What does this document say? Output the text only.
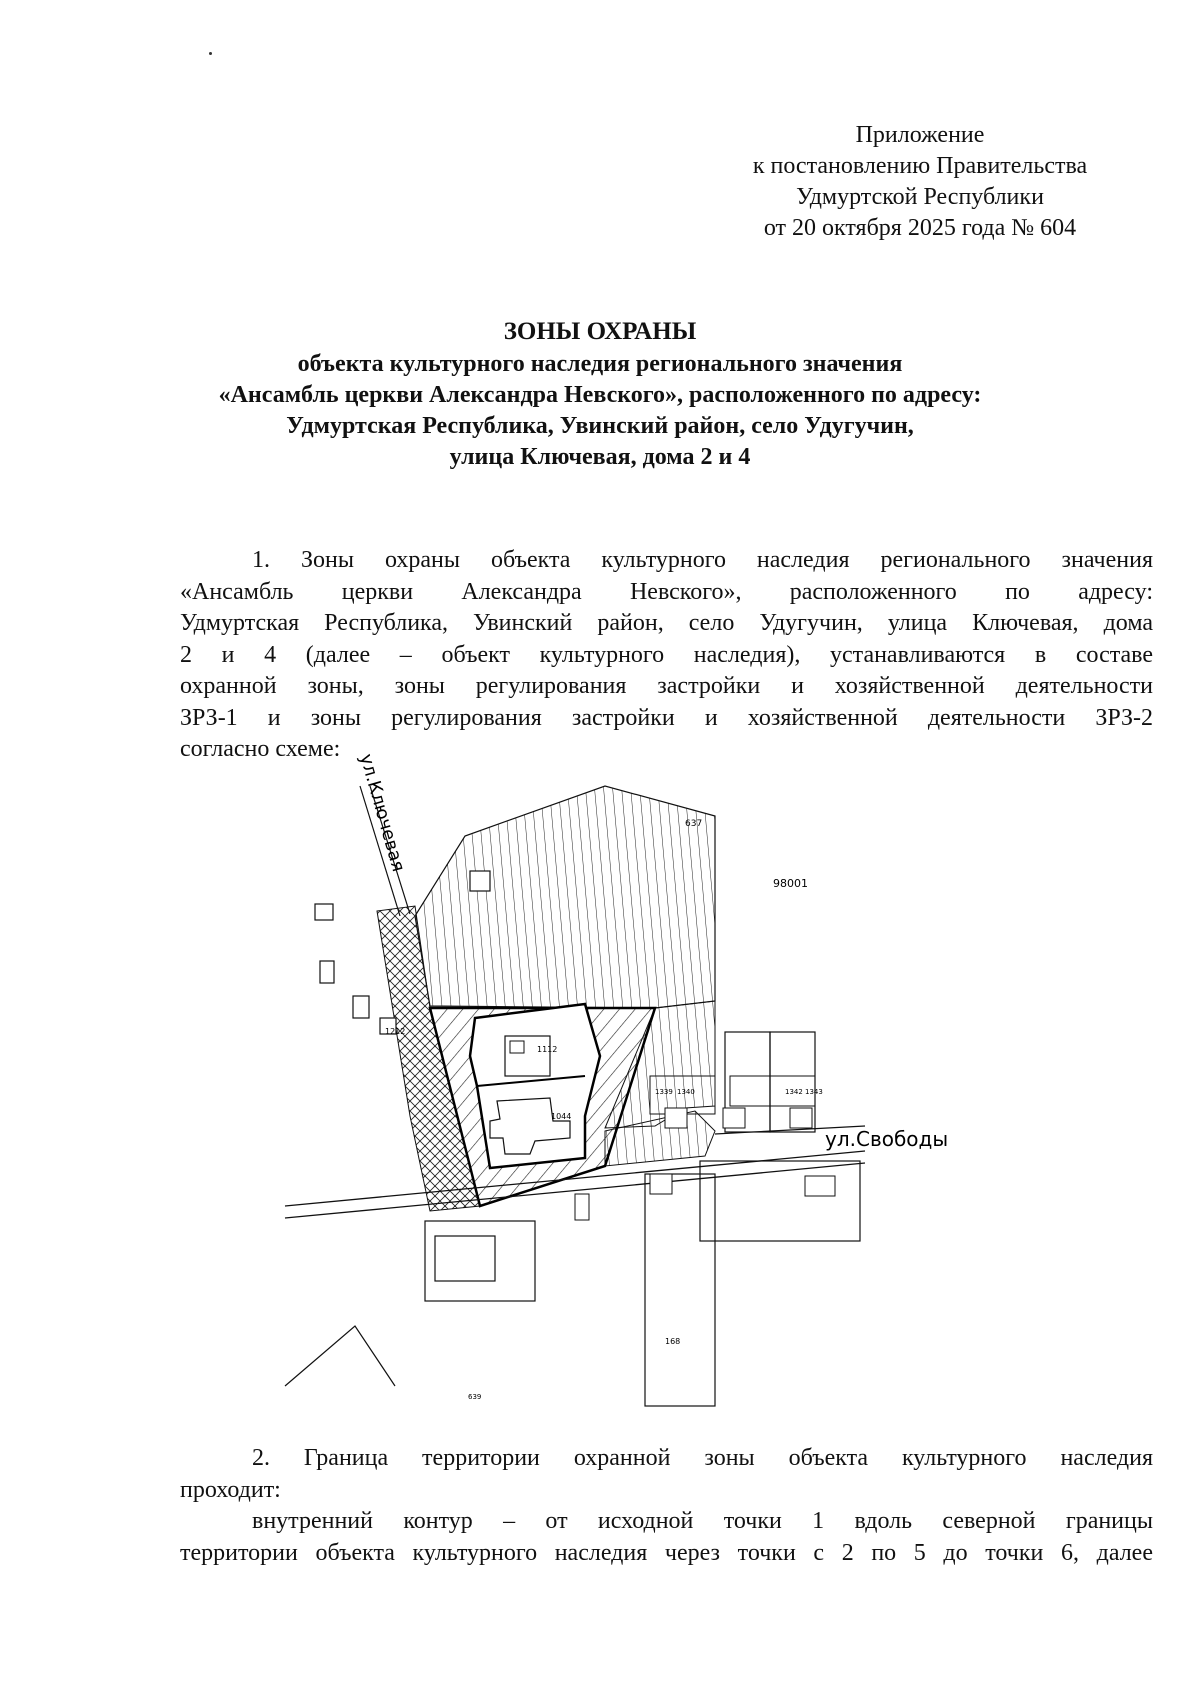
Приложение
к постановлению Правительства
Удмуртской Республики
от 20 октября 2025 года № 604
ЗОНЫ ОХРАНЫ
объекта культурного наследия регионального значения
«Ансамбль церкви Александра Невского», расположенного по адресу:
Удмуртская Республика, Увинский район, село Удугучин,
улица Ключевая, дома 2 и 4
1. Зоны охраны объекта культурного наследия регионального значения
«Ансамбль церкви Александра Невского», расположенного по адресу:
Удмуртская Республика, Увинский район, село Удугучин, улица Ключевая, дома
2 и 4 (далее – объект культурного наследия), устанавливаются в составе
охранной зоны, зоны регулирования застройки и хозяйственной деятельности
ЗРЗ-1 и зоны регулирования застройки и хозяйственной деятельности ЗРЗ-2
согласно схеме:
ул.Ключевая
ул.Свободы
637
98001
1112
1044
1212
1339 1340	1342 1343
168
639
2. Граница территории охранной зоны объекта культурного наследия
проходит:
внутренний контур – от исходной точки 1 вдоль северной границы
территории объекта культурного наследия через точки с 2 по 5 до точки 6, далее
